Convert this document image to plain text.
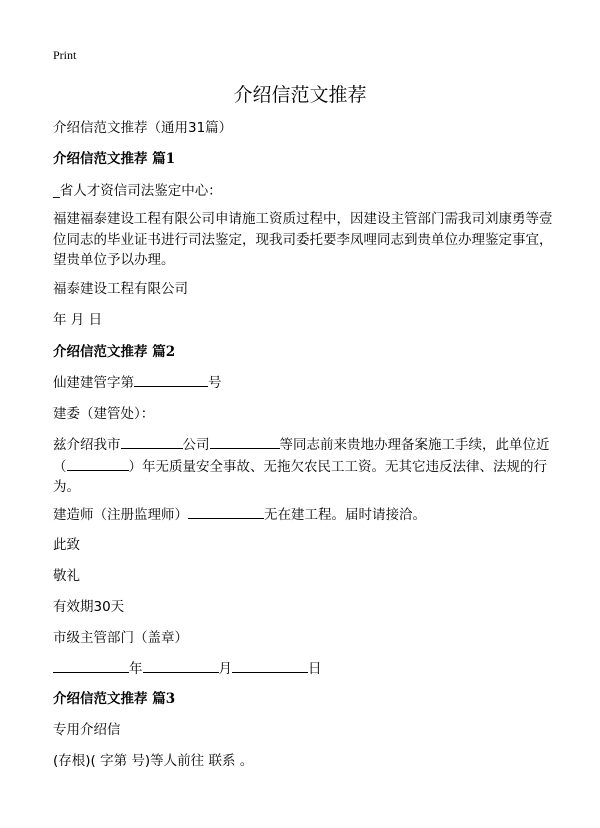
Print
介绍信范文推荐
介绍信范文推荐（通用31篇）
介绍信范文推荐 篇1
_省人才资信司法鉴定中心：
福建福泰建设工程有限公司申请施工资质过程中，因建设主管部门需我司刘康勇等壹位同志的毕业证书进行司法鉴定，现我司委托要李凤哩同志到贵单位办理鉴定事宜，望贵单位予以办理。
福泰建设工程有限公司
年 月 日
介绍信范文推荐 篇2
仙建建管字第	号
建委（建管处）：
兹介绍我市	公司	等同志前来贵地办理备案施工手续，此单位近（	）年无质量安全事故、无拖欠农民工工资。无其它违反法律、法规的行为。
建造师（注册监理师）	无在建工程。届时请接洽。
此致
敬礼
有效期30天
市级主管部门（盖章）
年	月	日
介绍信范文推荐 篇3
专用介绍信
(存根)( 字第 号)等人前往 联系 。
